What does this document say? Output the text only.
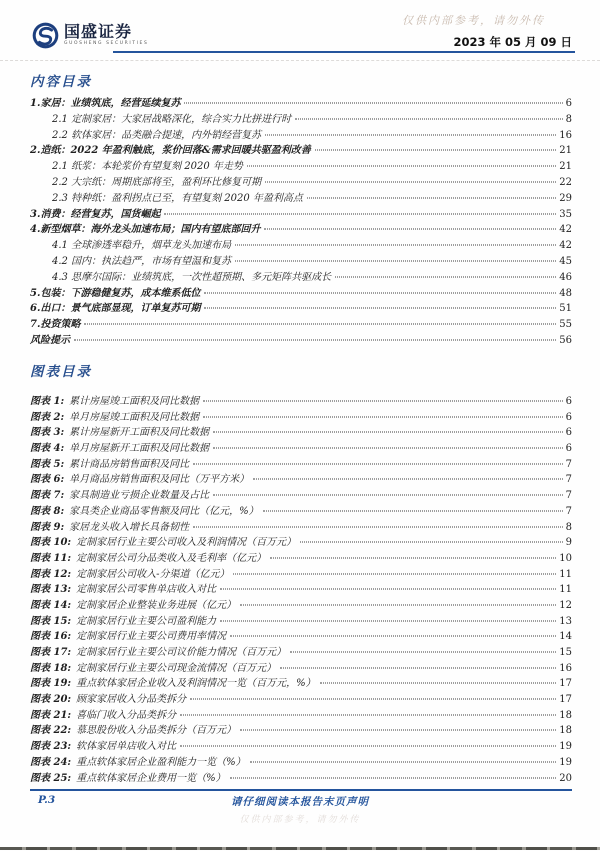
仅供内部参考，请勿外传
国盛证券
GUOSHENG SECURITIES	2023 年 05 月 09 日
内容目录
1.家居：业绩筑底，经营延续复苏	6
2.1 定制家居：大家居战略深化，综合实力比拼进行时	8
2.2 软体家居：品类融合提速，内外销经营复苏	16
2.造纸：2022 年盈利触底，浆价回落&需求回暖共驱盈利改善	21
2.1 纸浆：本轮浆价有望复刻 2020 年走势	21
2.2 大宗纸：周期底部将至，盈利环比修复可期	22
2.3 特种纸：盈利拐点已至，有望复刻 2020 年盈利高点	29
3.消费：经营复苏，国货崛起	35
4.新型烟草：海外龙头加速布局；国内有望底部回升	42
4.1 全球渗透率稳升，烟草龙头加速布局	42
4.2 国内：执法趋严，市场有望温和复苏	45
4.3 思摩尔国际：业绩筑底，一次性超预期、多元矩阵共驱成长	46
5.包装：下游稳健复苏，成本维系低位	48
6.出口：景气底部显现，订单复苏可期	51
7.投资策略	55
风险提示	56
图表目录
图表 1: 累计房屋竣工面积及同比数据	6
图表 2: 单月房屋竣工面积及同比数据	6
图表 3: 累计房屋新开工面积及同比数据	6
图表 4: 单月房屋新开工面积及同比数据	6
图表 5: 累计商品房销售面积及同比	7
图表 6: 单月商品房销售面积及同比（万平方米）	7
图表 7: 家具制造业亏损企业数量及占比	7
图表 8: 家具类企业商品零售额及同比（亿元，%）	7
图表 9: 家居龙头收入增长具备韧性	8
图表 10: 定制家居行业主要公司收入及利润情况（百万元）	9
图表 11: 定制家居公司分品类收入及毛利率（亿元）	10
图表 12: 定制家居公司收入-分渠道（亿元）	11
图表 13: 定制家居公司零售单店收入对比	11
图表 14: 定制家居企业整装业务进展（亿元）	12
图表 15: 定制家居行业主要公司盈利能力	13
图表 16: 定制家居行业主要公司费用率情况	14
图表 17: 定制家居行业主要公司议价能力情况（百万元）	15
图表 18: 定制家居行业主要公司现金流情况（百万元）	16
图表 19: 重点软体家居企业收入及利润情况一览（百万元，%）	17
图表 20: 顾家家居收入分品类拆分	17
图表 21: 喜临门收入分品类拆分	18
图表 22: 慕思股份收入分品类拆分（百万元）	18
图表 23: 软体家居单店收入对比	19
图表 24: 重点软体家居企业盈利能力一览（%）	19
图表 25: 重点软体家居企业费用一览（%）	20
P.3	请仔细阅读本报告末页声明
仅供内部参考，请勿外传
